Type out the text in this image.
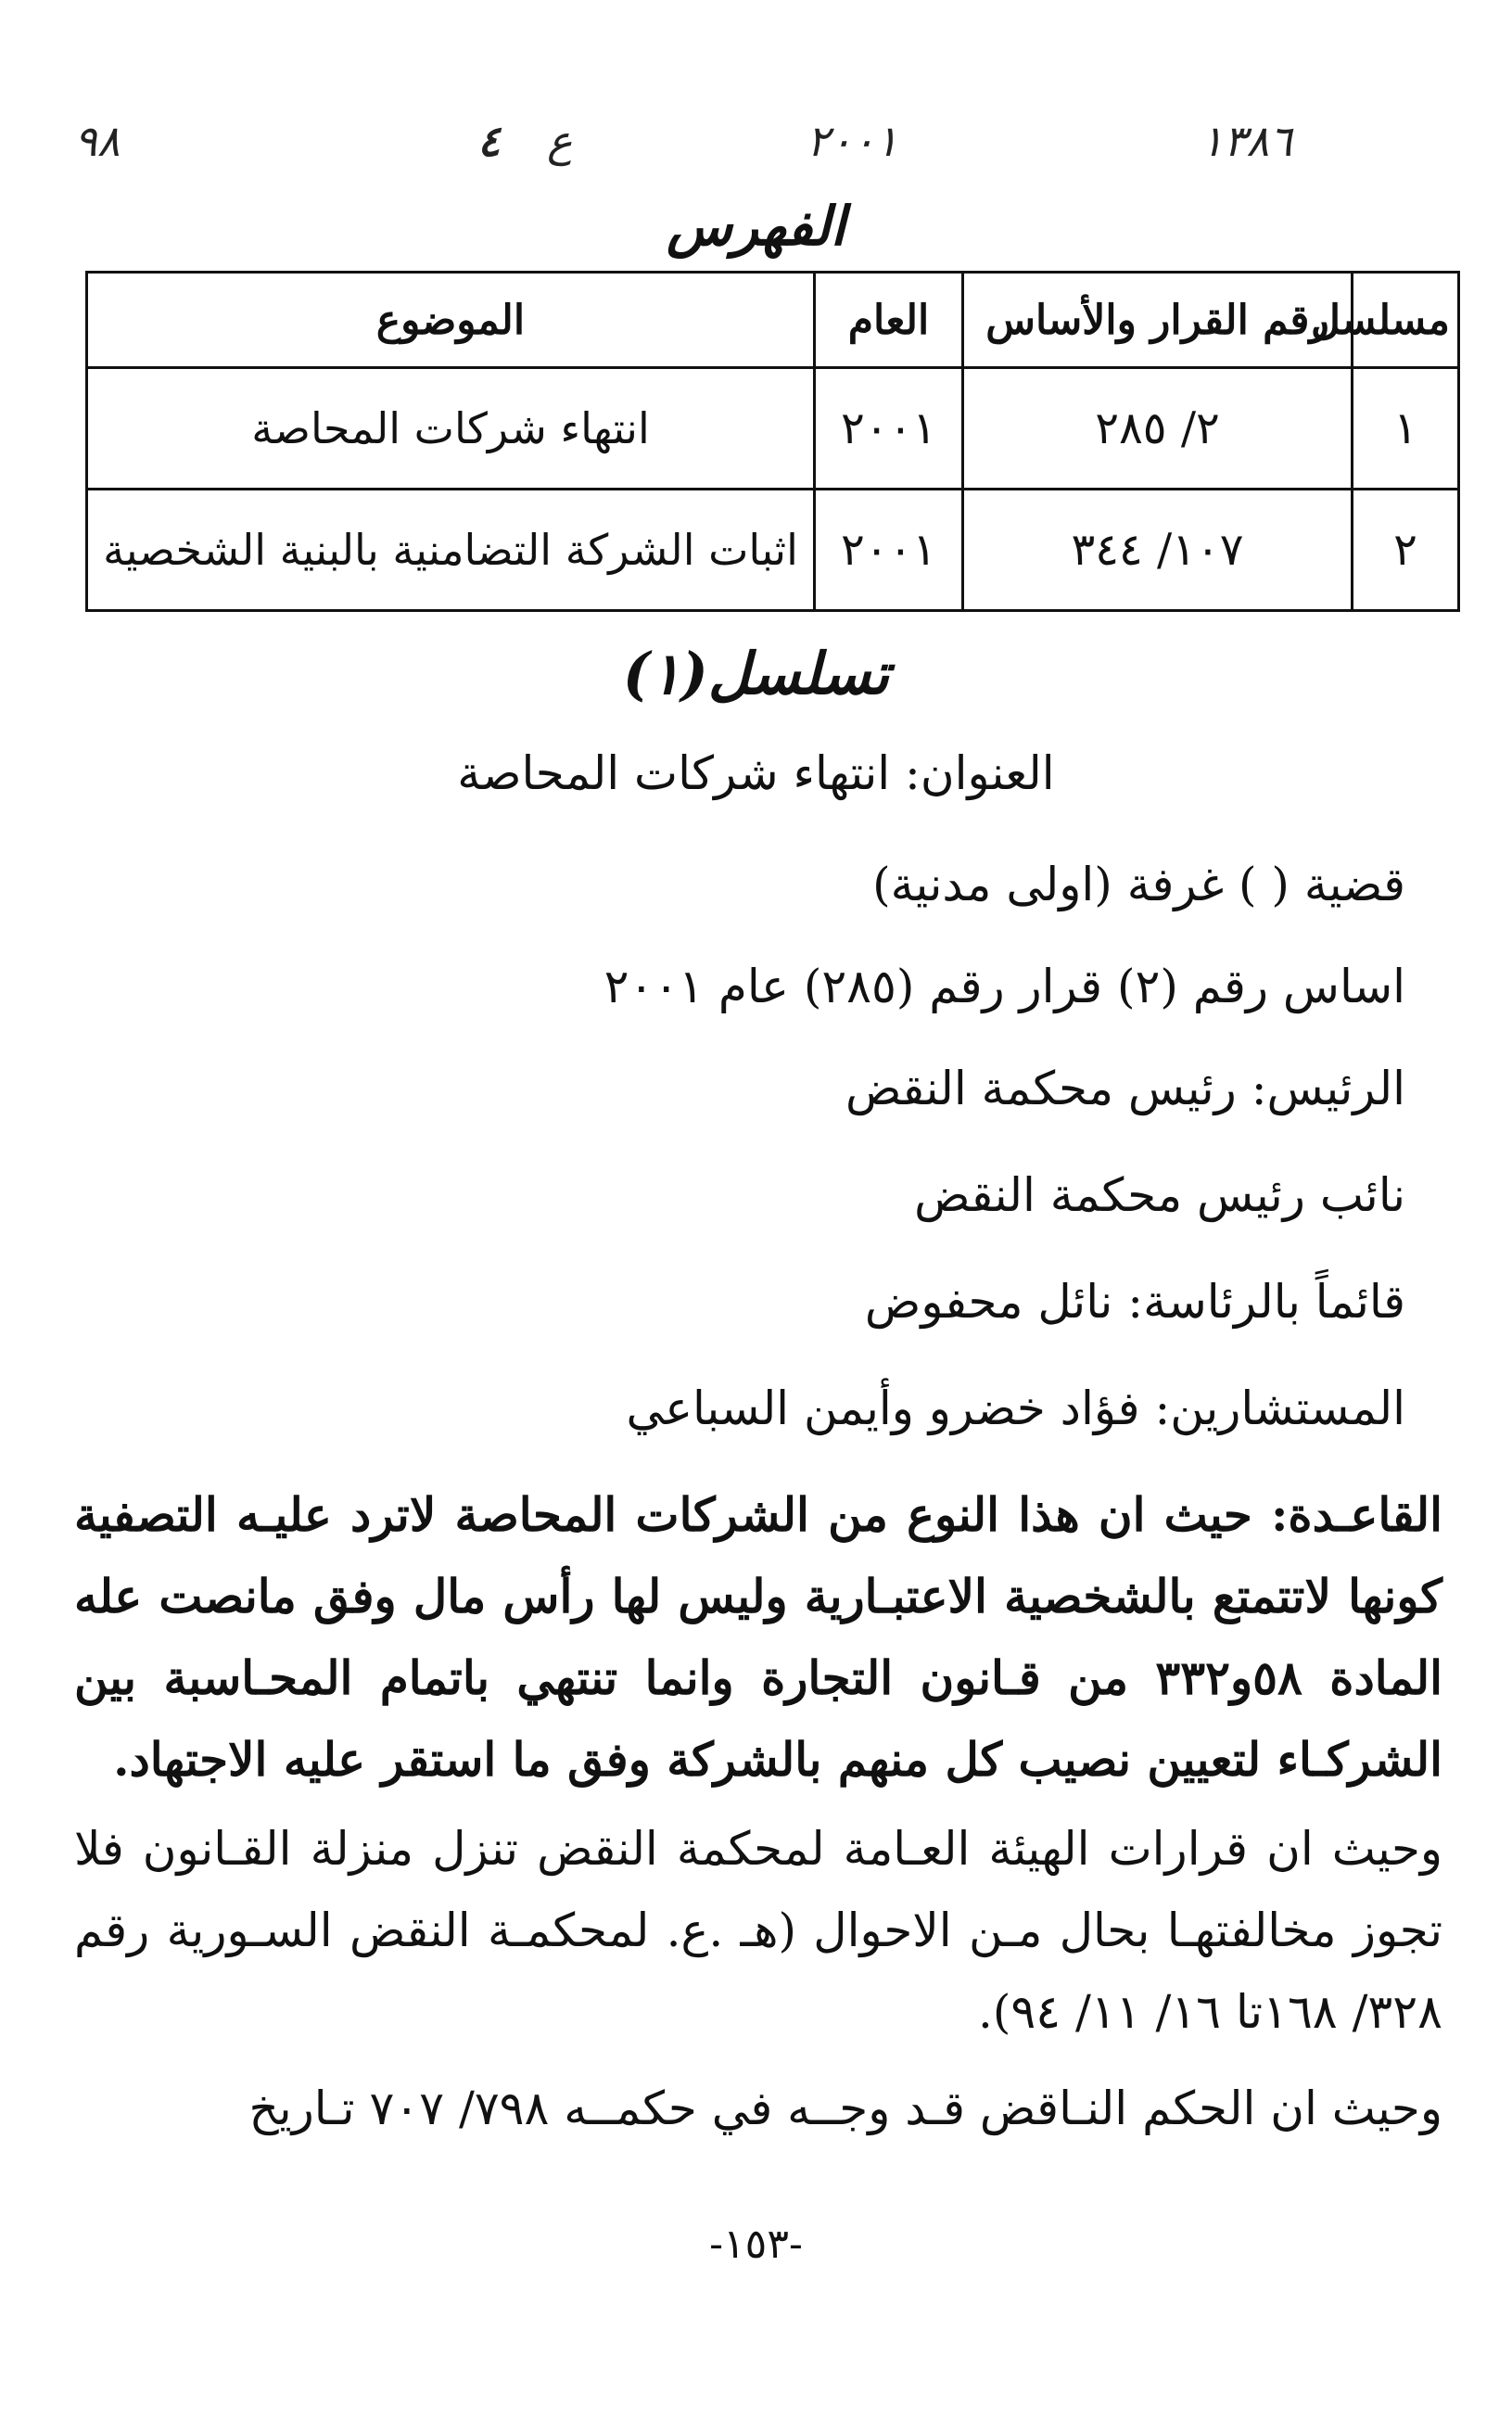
٩٨	٤ ع	٢٠٠١	١٣٨٦
الفهرس
مسلسل	رقم القرار والأساس	العام	الموضوع
١	٢/ ٢٨٥	٢٠٠١	انتهاء شركات المحاصة
٢	١٠٧/ ٣٤٤	٢٠٠١	اثبات الشركة التضامنية بالبنية الشخصية
تسلسل(١)
العنوان: انتهاء شركات المحاصة
قضية ( ) غرفة (اولى مدنية)
اساس رقم (٢) قرار رقم (٢٨٥) عام ٢٠٠١
الرئيس: رئيس محكمة النقض
نائب رئيس محكمة النقض
قائماً بالرئاسة: نائل محفوض
المستشارين: فؤاد خضرو وأيمن السباعي
القاعـدة: حيث ان هذا النوع من الشركات المحاصة لاترد عليـه التصفية كونها لاتتمتع بالشخصية الاعتبـارية وليس لها رأس مال وفق مانصت عله المادة ٥٨و٣٣٢ من قـانون التجارة وانما تنتهي باتمام المحـاسبة بين الشركـاء لتعيين نصيب كل منهم بالشركة وفق ما استقر عليه الاجتهاد.
وحيث ان قرارات الهيئة العـامة لمحكمة النقض تنزل منزلة القـانون فلا تجوز مخالفتهـا بحال مـن الاحوال (هـ .ع. لمحكمـة النقض السـورية رقم ٣٢٨/ ١٦٨تا ١٦/ ١١/ ٩٤).
وحيث ان الحكم النـاقض قـد وجــه في حكمــه ٧٩٨/ ٧٠٧ تـاريخ
-١٥٣-
